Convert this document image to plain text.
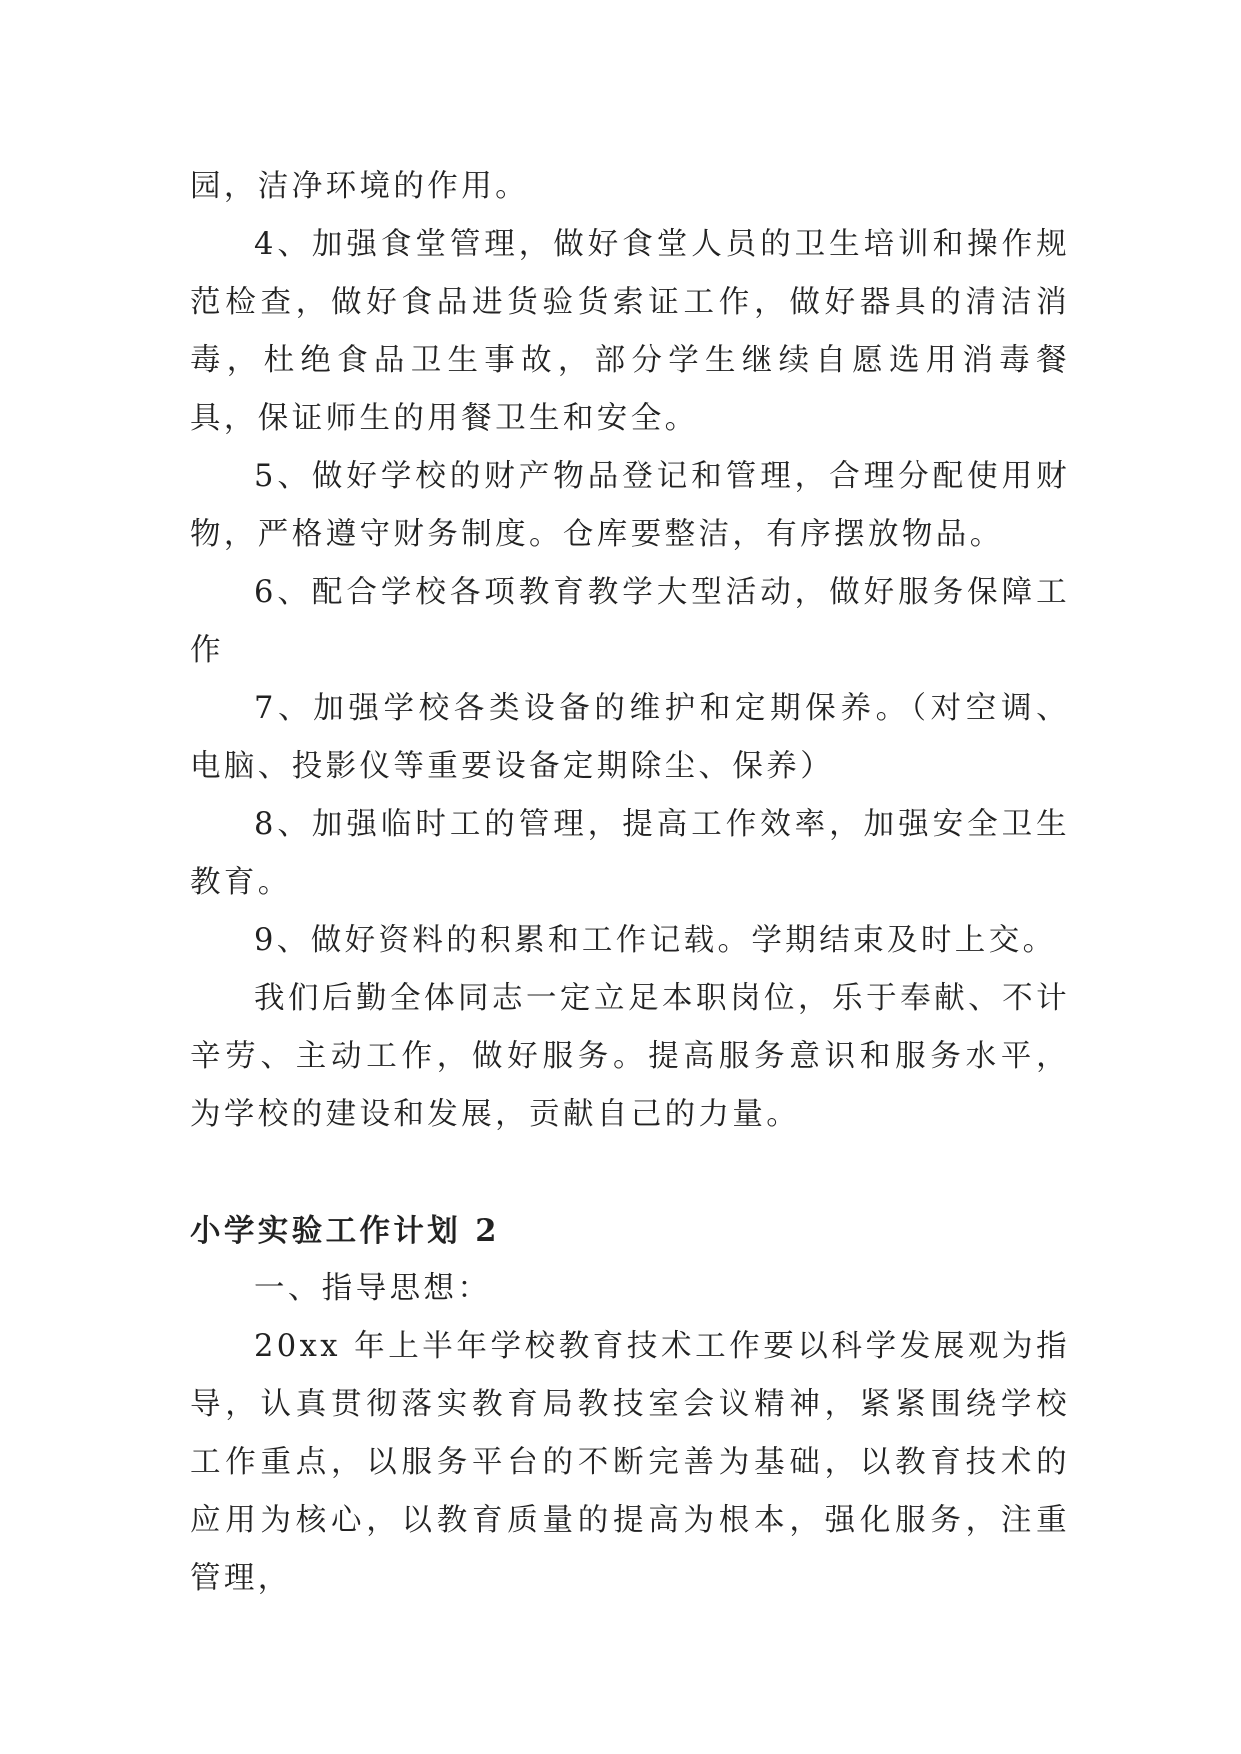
园，洁净环境的作用。

4、加强食堂管理，做好食堂人员的卫生培训和操作规范检查，做好食品进货验货索证工作，做好器具的清洁消毒，杜绝食品卫生事故，部分学生继续自愿选用消毒餐具，保证师生的用餐卫生和安全。

5、做好学校的财产物品登记和管理，合理分配使用财物，严格遵守财务制度。仓库要整洁，有序摆放物品。

6、配合学校各项教育教学大型活动，做好服务保障工作

7、加强学校各类设备的维护和定期保养。（对空调、电脑、投影仪等重要设备定期除尘、保养）

8、加强临时工的管理，提高工作效率，加强安全卫生教育。

9、做好资料的积累和工作记载。学期结束及时上交。

我们后勤全体同志一定立足本职岗位，乐于奉献、不计辛劳、主动工作，做好服务。提高服务意识和服务水平，为学校的建设和发展，贡献自己的力量。

小学实验工作计划 2

一、指导思想：

20xx 年上半年学校教育技术工作要以科学发展观为指导，认真贯彻落实教育局教技室会议精神，紧紧围绕学校工作重点，以服务平台的不断完善为基础，以教育技术的应用为核心，以教育质量的提高为根本，强化服务，注重管理，
